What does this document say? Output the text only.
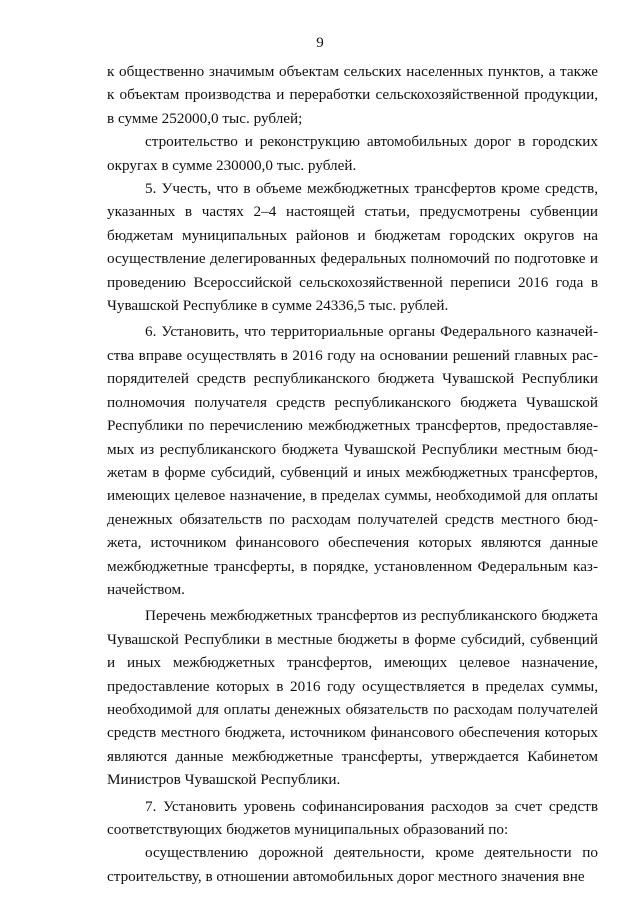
9

к общественно значимым объектам сельских населенных пунктов, а также к объектам производства и переработки сельскохозяйственной продукции, в сумме 252000,0 тыс. рублей;

строительство и реконструкцию автомобильных дорог в городских округах в сумме 230000,0 тыс. рублей.

5. Учесть, что в объеме межбюджетных трансфертов кроме средств, указанных в частях 2–4 настоящей статьи, предусмотрены субвенции бюджетам муниципальных районов и бюджетам городских округов на осуществление делегированных федеральных полномочий по подготовке и проведению Всероссийской сельскохозяйственной переписи 2016 года в Чувашской Республике в сумме 24336,5 тыс. рублей.

6. Установить, что территориальные органы Федерального казначейства вправе осуществлять в 2016 году на основании решений главных распорядителей средств республиканского бюджета Чувашской Республики полномочия получателя средств республиканского бюджета Чувашской Республики по перечислению межбюджетных трансфертов, предоставляемых из республиканского бюджета Чувашской Республики местным бюджетам в форме субсидий, субвенций и иных межбюджетных трансфертов, имеющих целевое назначение, в пределах суммы, необходимой для оплаты денежных обязательств по расходам получателей средств местного бюджета, источником финансового обеспечения которых являются данные межбюджетные трансферты, в порядке, установленном Федеральным казначейством.

Перечень межбюджетных трансфертов из республиканского бюджета Чувашской Республики в местные бюджеты в форме субсидий, субвенций и иных межбюджетных трансфертов, имеющих целевое назначение, предоставление которых в 2016 году осуществляется в пределах суммы, необходимой для оплаты денежных обязательств по расходам получателей средств местного бюджета, источником финансового обеспечения которых являются данные межбюджетные трансферты, утверждается Кабинетом Министров Чувашской Республики.

7. Установить уровень софинансирования расходов за счет средств соответствующих бюджетов муниципальных образований по:

осуществлению дорожной деятельности, кроме деятельности по строительству, в отношении автомобильных дорог местного значения вне
